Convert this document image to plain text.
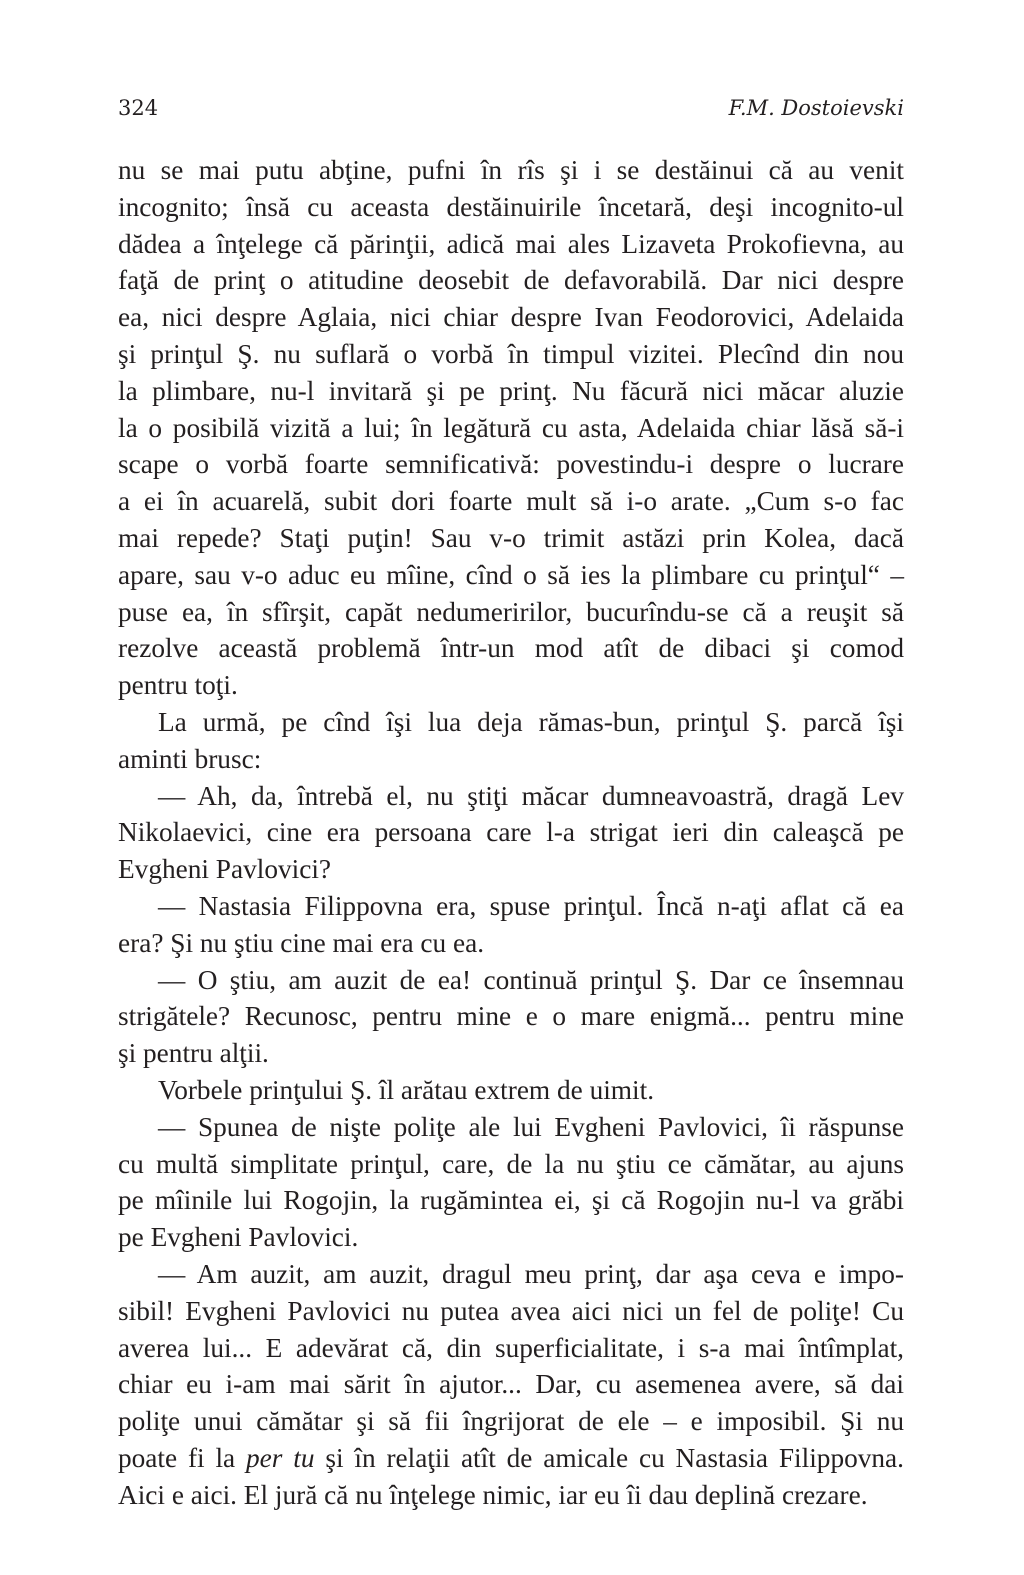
324	F.M. Dostoievski
nu se mai putu abţine, pufni în rîs şi i se destăinui că au venit
incognito; însă cu aceasta destăinuirile încetară, deşi incognito-ul
dădea a înţelege că părinţii, adică mai ales Lizaveta Prokofievna, au
faţă de prinţ o atitudine deosebit de defavorabilă. Dar nici despre
ea, nici despre Aglaia, nici chiar despre Ivan Feodorovici, Adelaida
şi prinţul Ş. nu suflară o vorbă în timpul vizitei. Plecînd din nou
la plimbare, nu-l invitară şi pe prinţ. Nu făcură nici măcar aluzie
la o posibilă vizită a lui; în legătură cu asta, Adelaida chiar lăsă să-i
scape o vorbă foarte semnificativă: povestindu-i despre o lucrare
a ei în acuarelă, subit dori foarte mult să i-o arate. „Cum s-o fac
mai repede? Staţi puţin! Sau v-o trimit astăzi prin Kolea, dacă
apare, sau v-o aduc eu mîine, cînd o să ies la plimbare cu prinţul“ –
puse ea, în sfîrşit, capăt nedumeririlor, bucurîndu-se că a reuşit să
rezolve această problemă într-un mod atît de dibaci şi comod
pentru toţi.
La urmă, pe cînd îşi lua deja rămas-bun, prinţul Ş. parcă îşi
aminti brusc:
— Ah, da, întrebă el, nu ştiţi măcar dumneavoastră, dragă Lev
Nikolaevici, cine era persoana care l-a strigat ieri din caleaşcă pe
Evgheni Pavlovici?
— Nastasia Filippovna era, spuse prinţul. Încă n-aţi aflat că ea
era? Şi nu ştiu cine mai era cu ea.
— O ştiu, am auzit de ea! continuă prinţul Ş. Dar ce însemnau
strigătele? Recunosc, pentru mine e o mare enigmă... pentru mine
şi pentru alţii.
Vorbele prinţului Ş. îl arătau extrem de uimit.
— Spunea de nişte poliţe ale lui Evgheni Pavlovici, îi răspunse
cu multă simplitate prinţul, care, de la nu ştiu ce cămătar, au ajuns
pe mîinile lui Rogojin, la rugămintea ei, şi că Rogojin nu-l va grăbi
pe Evgheni Pavlovici.
— Am auzit, am auzit, dragul meu prinţ, dar aşa ceva e impo-
sibil! Evgheni Pavlovici nu putea avea aici nici un fel de poliţe! Cu
averea lui... E adevărat că, din superficialitate, i s-a mai întîmplat,
chiar eu i-am mai sărit în ajutor... Dar, cu asemenea avere, să dai
poliţe unui cămătar şi să fii îngrijorat de ele – e imposibil. Şi nu
poate fi la per tu şi în relaţii atît de amicale cu Nastasia Filippovna.
Aici e aici. El jură că nu înţelege nimic, iar eu îi dau deplină crezare.
